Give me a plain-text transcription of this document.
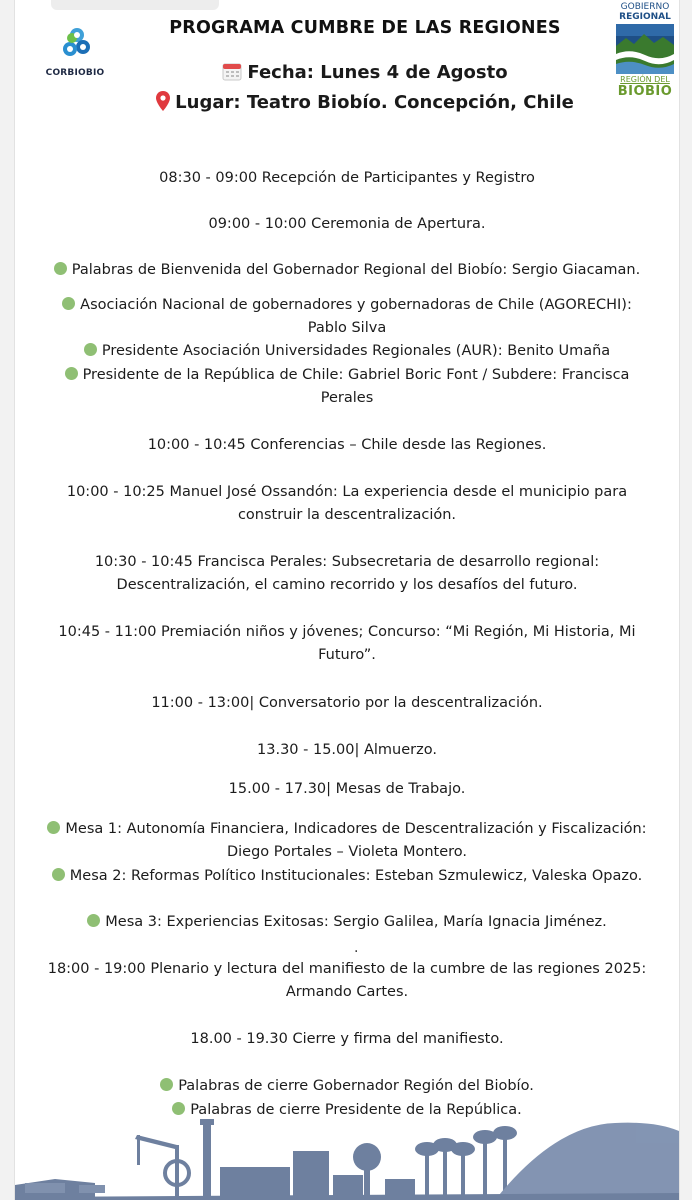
CORBIOBIO
GOBIERNO
REGIONAL
REGIÓN DEL
BIOBÍO
PROGRAMA CUMBRE DE LAS REGIONES
Fecha: Lunes 4 de Agosto
Lugar: Teatro Biobío. Concepción, Chile
08:30 - 09:00 Recepción de Participantes y Registro
09:00 - 10:00 Ceremonia de Apertura.
Palabras de Bienvenida del Gobernador Regional del Biobío: Sergio Giacaman.
Asociación Nacional de gobernadores y gobernadoras de Chile (AGORECHI): Pablo Silva
Presidente Asociación Universidades Regionales (AUR): Benito Umaña
Presidente de la República de Chile: Gabriel Boric Font / Subdere: Francisca Perales
10:00 - 10:45 Conferencias – Chile desde las Regiones.
10:00 - 10:25 Manuel José Ossandón: La experiencia desde el municipio para construir la descentralización.
10:30 - 10:45 Francisca Perales: Subsecretaria de desarrollo regional: Descentralización, el camino recorrido y los desafíos del futuro.
10:45 - 11:00 Premiación niños y jóvenes; Concurso: “Mi Región, Mi Historia, Mi Futuro”.
11:00 - 13:00| Conversatorio por la descentralización.
13.30 - 15.00| Almuerzo.
15.00 - 17.30| Mesas de Trabajo.
Mesa 1: Autonomía Financiera, Indicadores de Descentralización y Fiscalización: Diego Portales – Violeta Montero.
Mesa 2: Reformas Político Institucionales: Esteban Szmulewicz, Valeska Opazo.
Mesa 3: Experiencias Exitosas: Sergio Galilea, María Ignacia Jiménez.
.
18:00 - 19:00 Plenario y lectura del manifiesto de la cumbre de las regiones 2025: Armando Cartes.
18.00 - 19.30 Cierre y firma del manifiesto.
Palabras de cierre Gobernador Región del Biobío.
Palabras de cierre Presidente de la República.
